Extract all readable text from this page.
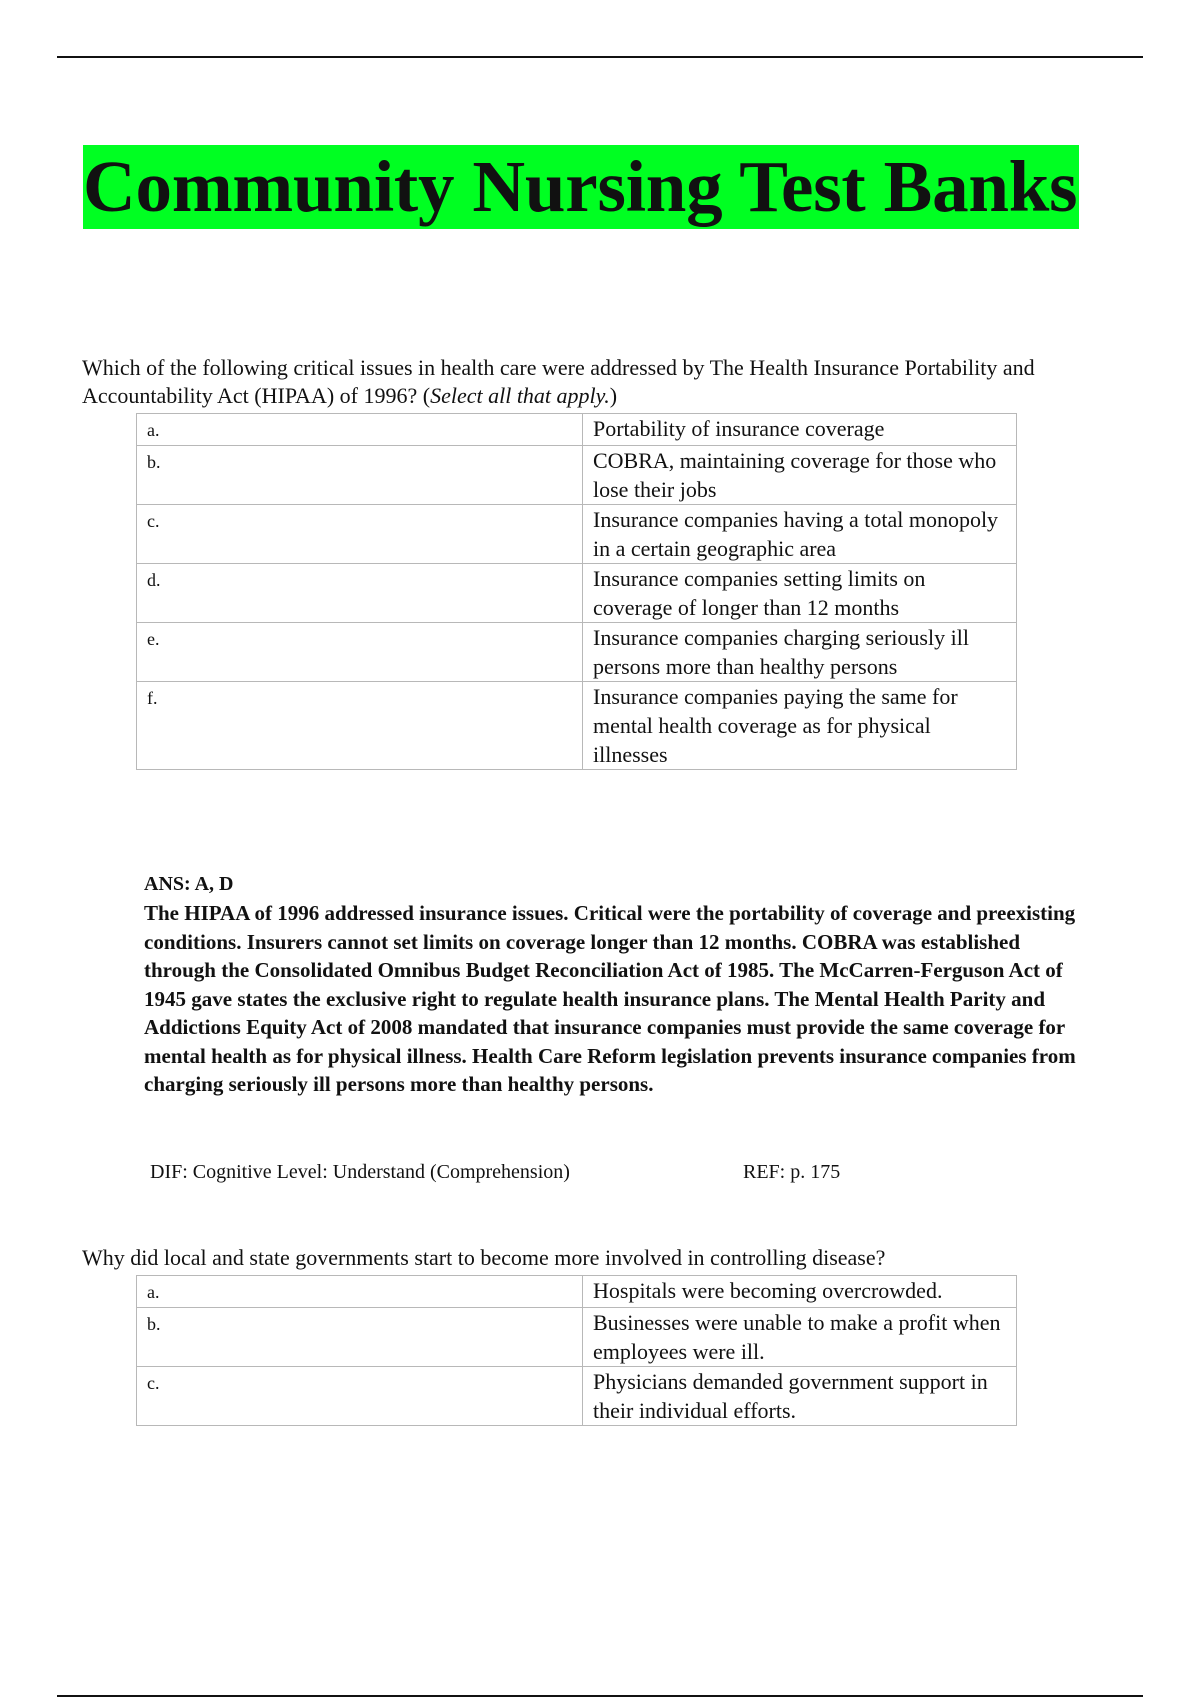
Community Nursing Test Banks

Which of the following critical issues in health care were addressed by The Health Insurance Portability and Accountability Act (HIPAA) of 1996? (Select all that apply.)

a.	Portability of insurance coverage
b.	COBRA, maintaining coverage for those who lose their jobs
c.	Insurance companies having a total monopoly in a certain geographic area
d.	Insurance companies setting limits on coverage of longer than 12 months
e.	Insurance companies charging seriously ill persons more than healthy persons
f.	Insurance companies paying the same for mental health coverage as for physical illnesses
ANS: A, D
The HIPAA of 1996 addressed insurance issues. Critical were the portability of coverage and preexisting conditions. Insurers cannot set limits on coverage longer than 12 months. COBRA was established through the Consolidated Omnibus Budget Reconciliation Act of 1985. The McCarren-Ferguson Act of 1945 gave states the exclusive right to regulate health insurance plans. The Mental Health Parity and Addictions Equity Act of 2008 mandated that insurance companies must provide the same coverage for mental health as for physical illness. Health Care Reform legislation prevents insurance companies from charging seriously ill persons more than healthy persons.
DIF: Cognitive Level: Understand (Comprehension)	REF: p. 175

Why did local and state governments start to become more involved in controlling disease?

a.	Hospitals were becoming overcrowded.
b.	Businesses were unable to make a profit when employees were ill.
c.	Physicians demanded government support in their individual efforts.
